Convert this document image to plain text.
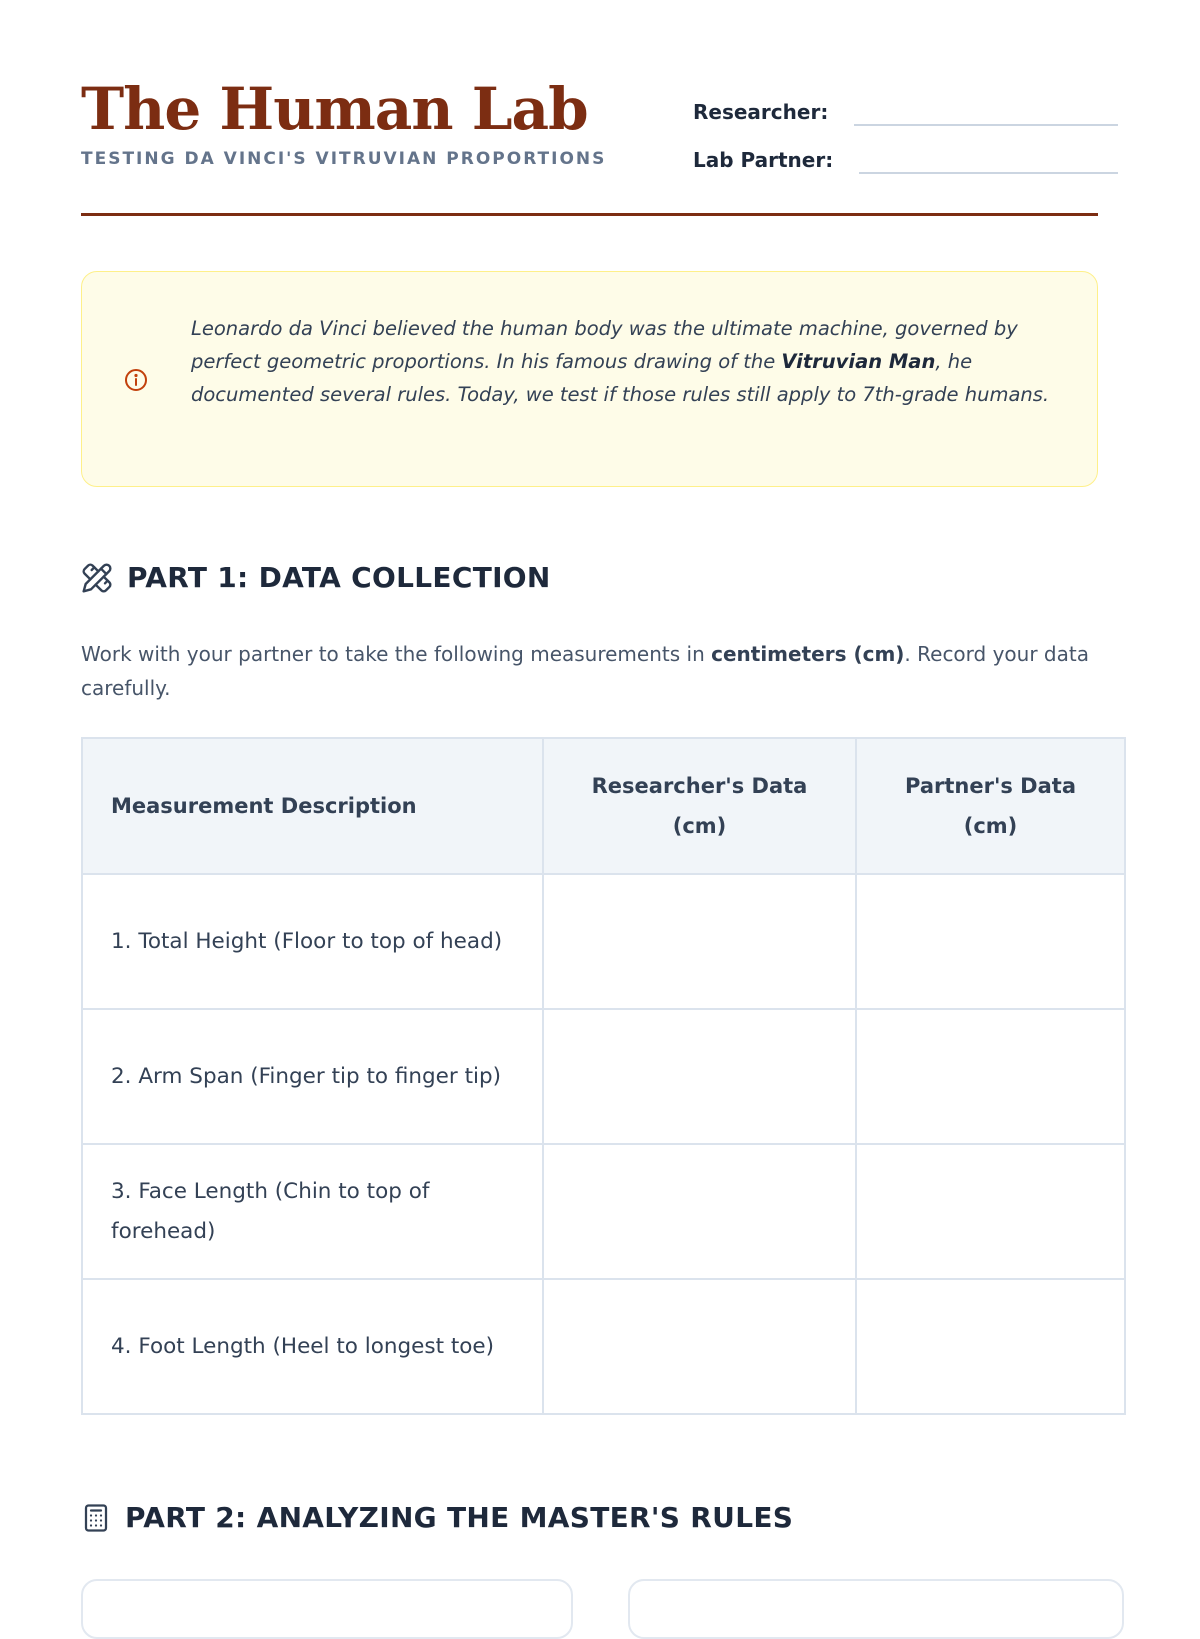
The Human Lab
TESTING DA VINCI'S VITRUVIAN PROPORTIONS
Researcher:
Lab Partner:

Leonardo da Vinci believed the human body was the ultimate machine, governed by perfect geometric proportions. In his famous drawing of the Vitruvian Man, he documented several rules. Today, we test if those rules still apply to 7th-grade humans.

PART 1: DATA COLLECTION

Work with your partner to take the following measurements in centimeters (cm). Record your data carefully.

Measurement Description	Researcher's Data (cm)	Partner's Data (cm)
1. Total Height (Floor to top of head)		
2. Arm Span (Finger tip to finger tip)		
3. Face Length (Chin to top of forehead)		
4. Foot Length (Heel to longest toe)		
PART 2: ANALYZING THE MASTER'S RULES
